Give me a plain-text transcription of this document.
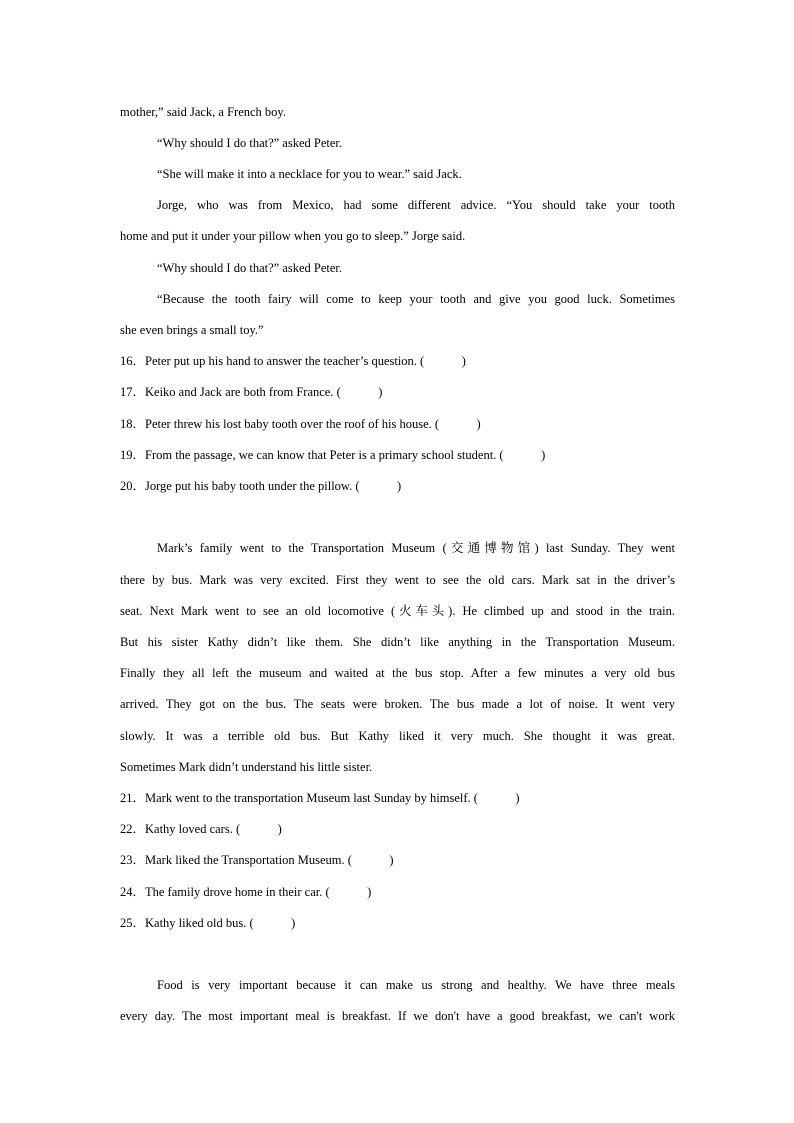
mother,” said Jack, a French boy.
“Why should I do that?” asked Peter.
“She will make it into a necklace for you to wear.” said Jack.
Jorge, who was from Mexico, had some different advice. “You should take your tooth
home and put it under your pillow when you go to sleep.” Jorge said.
“Why should I do that?” asked Peter.
“Because the tooth fairy will come to keep your tooth and give you good luck. Sometimes
she even brings a small toy.”
16．Peter put up his hand to answer the teacher’s question. (　　　)
17．Keiko and Jack are both from France. (　　　)
18．Peter threw his lost baby tooth over the roof of his house. (　　　)
19．From the passage, we can know that Peter is a primary school student. (　　　)
20．Jorge put his baby tooth under the pillow. (　　　)
Mark’s family went to the Transportation Museum (交通博物馆) last Sunday. They went
there by bus. Mark was very excited. First they went to see the old cars. Mark sat in the driver’s
seat. Next Mark went to see an old locomotive (火车头). He climbed up and stood in the train.
But his sister Kathy didn’t like them. She didn’t like anything in the Transportation Museum.
Finally they all left the museum and waited at the bus stop. After a few minutes a very old bus
arrived. They got on the bus. The seats were broken. The bus made a lot of noise. It went very
slowly. It was a terrible old bus. But Kathy liked it very much. She thought it was great.
Sometimes Mark didn’t understand his little sister.
21．Mark went to the transportation Museum last Sunday by himself. (　　　)
22．Kathy loved cars. (　　　)
23．Mark liked the Transportation Museum. (　　　)
24．The family drove home in their car. (　　　)
25．Kathy liked old bus. (　　　)
Food is very important because it can make us strong and healthy. We have three meals
every day. The most important meal is breakfast. If we don't have a good breakfast, we can't work
